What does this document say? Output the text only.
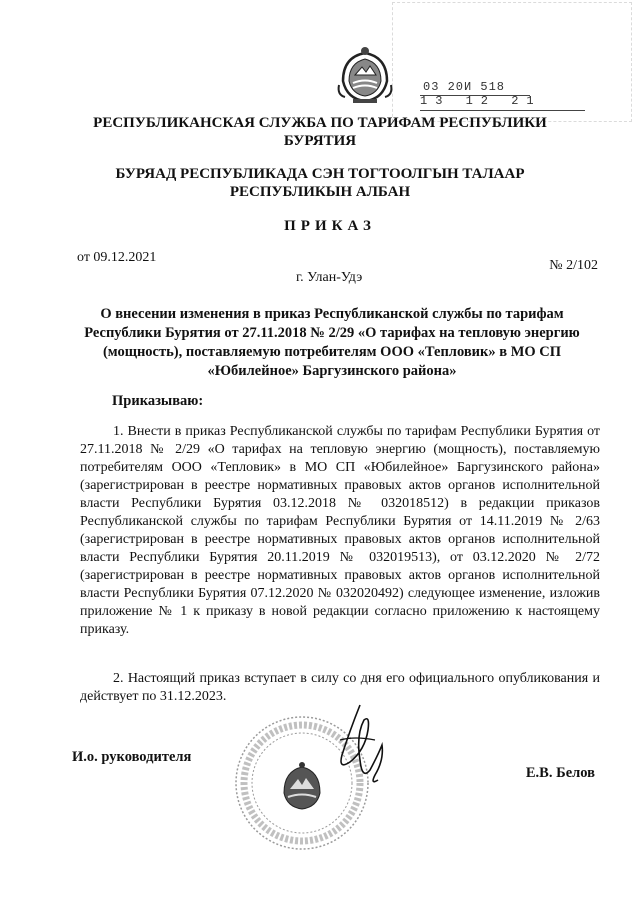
03 20И 518
13 12 21
РЕСПУБЛИКАНСКАЯ СЛУЖБА ПО ТАРИФАМ РЕСПУБЛИКИ
БУРЯТИЯ
БУРЯАД РЕСПУБЛИКАДА СЭН ТОГТООЛГЫН ТАЛААР
РЕСПУБЛИКЫН АЛБАН
ПРИКАЗ
от 09.12.2021
№ 2/102
г. Улан-Удэ
О внесении изменения в приказ Республиканской службы по тарифам Республики Бурятия от 27.11.2018 № 2/29 «О тарифах на тепловую энергию (мощность), поставляемую потребителям ООО «Тепловик» в МО СП «Юбилейное» Баргузинского района»
Приказываю:
1. Внести в приказ Республиканской службы по тарифам Республики Бурятия от 27.11.2018 № 2/29 «О тарифах на тепловую энергию (мощность), поставляемую потребителям ООО «Тепловик» в МО СП «Юбилейное» Баргузинского района» (зарегистрирован в реестре нормативных правовых актов органов исполнительной власти Республики Бурятия 03.12.2018 № 032018512) в редакции приказов Республиканской службы по тарифам Республики Бурятия от 14.11.2019 № 2/63 (зарегистрирован в реестре нормативных правовых актов органов исполнительной власти Республики Бурятия 20.11.2019 № 032019513), от 03.12.2020 № 2/72 (зарегистрирован в реестре нормативных правовых актов органов исполнительной власти Республики Бурятия 07.12.2020 № 032020492) следующее изменение, изложив приложение № 1 к приказу в новой редакции согласно приложению к настоящему приказу.
2. Настоящий приказ вступает в силу со дня его официального опубликования и действует по 31.12.2023.
И.о. руководителя
Е.В. Белов
